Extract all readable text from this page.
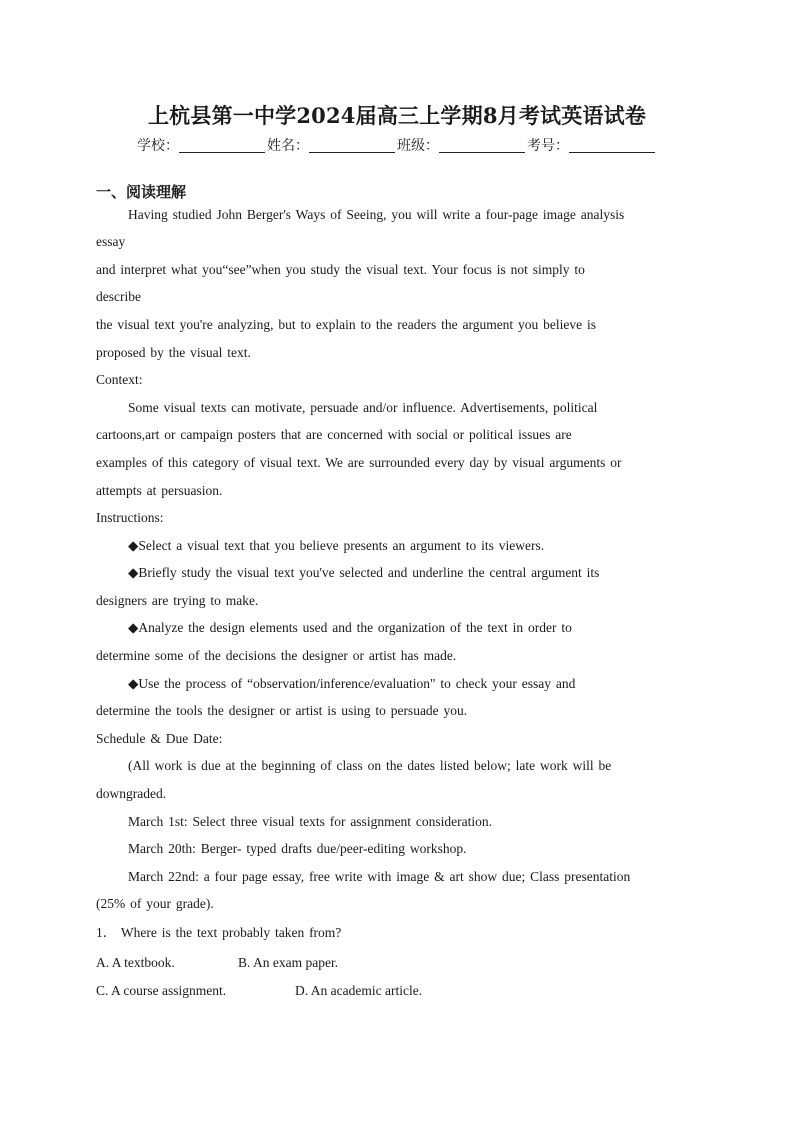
上杭县第一中学2024届高三上学期8月考试英语试卷
学校：	姓名：	班级：	考号：
一、阅读理解
Having studied John Berger's Ways of Seeing, you will write a four-page image analysis
essay
and interpret what you“see”when you study the visual text. Your focus is not simply to
describe
the visual text you're analyzing, but to explain to the readers the argument you believe is
proposed by the visual text.
Context:
Some visual texts can motivate, persuade and/or influence. Advertisements, political
cartoons,art or campaign posters that are concerned with social or political issues are
examples of this category of visual text. We are surrounded every day by visual arguments or
attempts at persuasion.
Instructions:
◆Select a visual text that you believe presents an argument to its viewers.
◆Briefly study the visual text you've selected and underline the central argument its
designers are trying to make.
◆Analyze the design elements used and the organization of the text in order to
determine some of the decisions the designer or artist has made.
◆Use the process of “observation/inference/evaluation" to check your essay and
determine the tools the designer or artist is using to persuade you.
Schedule & Due Date:
(All work is due at the beginning of class on the dates listed below; late work will be
downgraded.
March 1st: Select three visual texts for assignment consideration.
March 20th: Berger- typed drafts due/peer-editing workshop.
March 22nd: a four page essay, free write with image & art show due; Class presentation
(25% of your grade).
1． Where is the text probably taken from?
A. A textbook.	B. An exam paper.
C. A course assignment.	D. An academic article.
